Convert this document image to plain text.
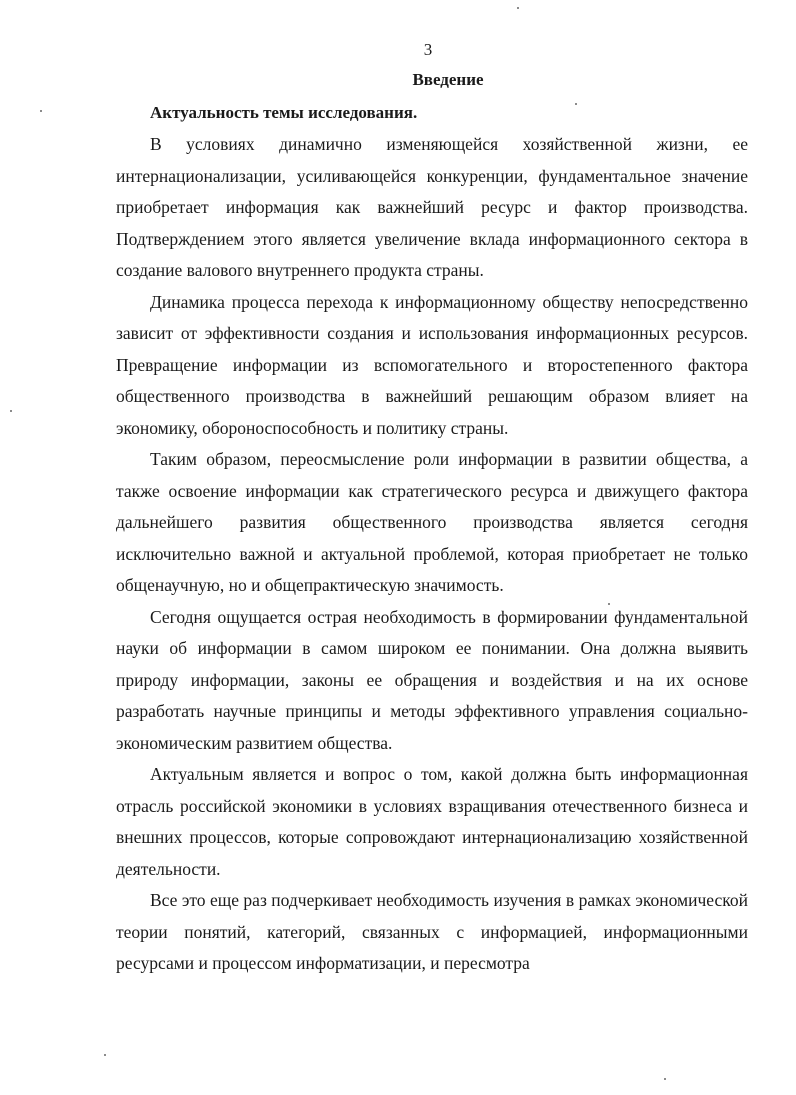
3
Введение
Актуальность темы исследования.

В условиях динамично изменяющейся хозяйственной жизни, ее интернационализации, усиливающейся конкуренции, фундаментальное значение приобретает информация как важнейший ресурс и фактор производства. Подтверждением этого является увеличение вклада информационного сектора в создание валового внутреннего продукта страны.

Динамика процесса перехода к информационному обществу непосредственно зависит от эффективности создания и использования информационных ресурсов. Превращение информации из вспомогательного и второстепенного фактора общественного производства в важнейший решающим образом влияет на экономику, обороноспособность и политику страны.

Таким образом, переосмысление роли информации в развитии общества, а также освоение информации как стратегического ресурса и движущего фактора дальнейшего развития общественного производства является сегодня исключительно важной и актуальной проблемой, которая приобретает не только общенаучную, но и общепрактическую значимость.

Сегодня ощущается острая необходимость в формировании фундаментальной науки об информации в самом широком ее понимании. Она должна выявить природу информации, законы ее обращения и воздействия и на их основе разработать научные принципы и методы эффективного управления социально-экономическим развитием общества.

Актуальным является и вопрос о том, какой должна быть информационная отрасль российской экономики в условиях взращивания отечественного бизнеса и внешних процессов, которые сопровождают интернационализацию хозяйственной деятельности.

Все это еще раз подчеркивает необходимость изучения в рамках экономической теории понятий, категорий, связанных с информацией, информационными ресурсами и процессом информатизации, и пересмотра
